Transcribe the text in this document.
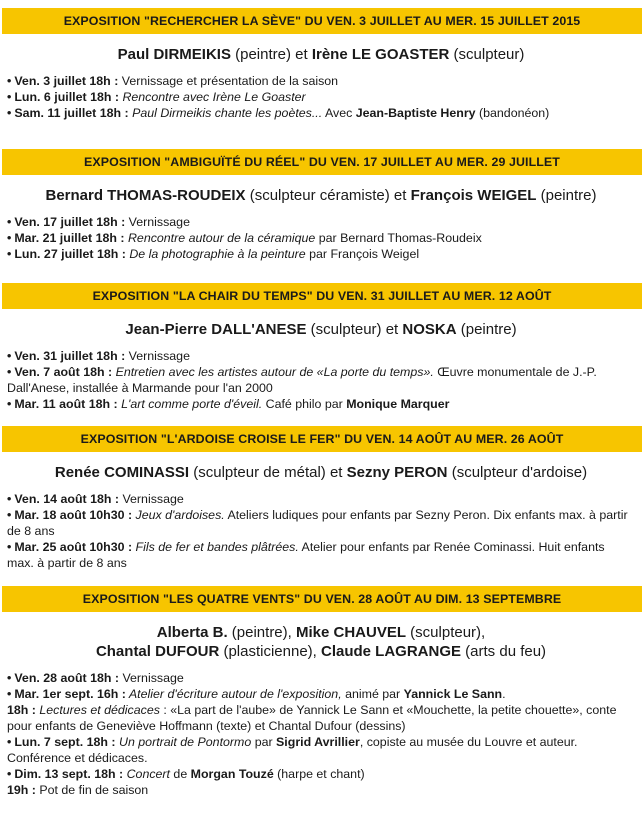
EXPOSITION "RECHERCHER LA SÈVE" DU VEN. 3 JUILLET AU MER. 15 JUILLET 2015
Paul DIRMEIKIS (peintre) et Irène LE GOASTER (sculpteur)

• Ven. 3 juillet 18h : Vernissage et présentation de la saison

• Lun. 6 juillet 18h : Rencontre avec Irène Le Goaster

• Sam. 11 juillet 18h : Paul Dirmeikis chante les poètes... Avec Jean-Baptiste Henry (bandonéon)

EXPOSITION "AMBIGUÏTÉ DU RÉEL" DU VEN. 17 JUILLET AU MER. 29 JUILLET
Bernard THOMAS-ROUDEIX (sculpteur céramiste) et François WEIGEL (peintre)

• Ven. 17 juillet 18h : Vernissage

• Mar. 21 juillet 18h : Rencontre autour de la céramique par Bernard Thomas-Roudeix

• Lun. 27 juillet 18h : De la photographie à la peinture par François Weigel

EXPOSITION "LA CHAIR DU TEMPS" DU VEN. 31 JUILLET AU MER. 12 AOÛT
Jean-Pierre DALL'ANESE (sculpteur) et NOSKA (peintre)

• Ven. 31 juillet 18h : Vernissage

• Ven. 7 août 18h : Entretien avec les artistes autour de «La porte du temps». Œuvre monumentale de J.-P. Dall'Anese, installée à Marmande pour l'an 2000

• Mar. 11 août 18h : L'art comme porte d'éveil. Café philo par Monique Marquer

EXPOSITION "L'ARDOISE CROISE LE FER" DU VEN. 14 AOÛT AU MER. 26 AOÛT
Renée COMINASSI (sculpteur de métal) et Sezny PERON (sculpteur d'ardoise)

• Ven. 14 août 18h : Vernissage

• Mar. 18 août 10h30 : Jeux d'ardoises. Ateliers ludiques pour enfants par Sezny Peron. Dix enfants max. à partir de 8 ans

• Mar. 25 août 10h30 : Fils de fer et bandes plâtrées. Atelier pour enfants par Renée Cominassi. Huit enfants max. à partir de 8 ans

EXPOSITION "LES QUATRE VENTS" DU VEN. 28 AOÛT AU DIM. 13 SEPTEMBRE
Alberta B. (peintre), Mike CHAUVEL (sculpteur),
Chantal DUFOUR (plasticienne), Claude LAGRANGE (arts du feu)

• Ven. 28 août 18h : Vernissage

• Mar. 1er sept. 16h : Atelier d'écriture autour de l'exposition, animé par Yannick Le Sann.

18h : Lectures et dédicaces : «La part de l'aube» de Yannick Le Sann et «Mouchette, la petite chouette», conte pour enfants de Geneviève Hoffmann (texte) et Chantal Dufour (dessins)

• Lun. 7 sept. 18h : Un portrait de Pontormo par Sigrid Avrillier, copiste au musée du Louvre et auteur. Conférence et dédicaces.

• Dim. 13 sept. 18h : Concert de Morgan Touzé (harpe et chant)

19h : Pot de fin de saison
